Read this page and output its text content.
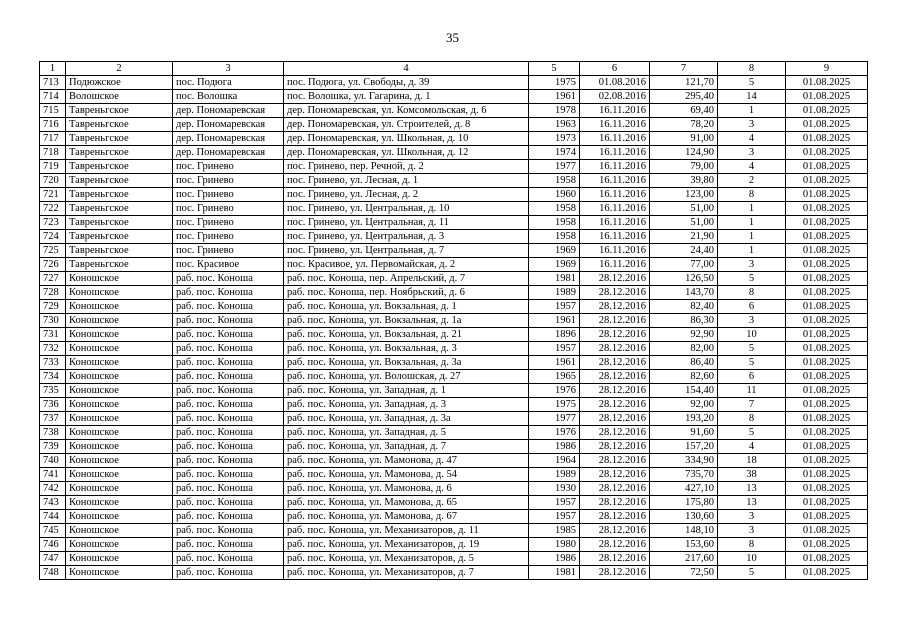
35
1	2	3	4	5	6	7	8	9
713	Подюжское	пос. Подюга	пос. Подюга, ул. Свободы, д. 39	1975	01.08.2016	121,70	5	01.08.2025
714	Волошское	пос. Волошка	пос. Волошка, ул. Гагарина, д. 1	1961	02.08.2016	295,40	14	01.08.2025
715	Тавреньгское	дер. Пономаревская	дер. Пономаревская, ул. Комсомольская, д. 6	1978	16.11.2016	69,40	1	01.08.2025
716	Тавреньгское	дер. Пономаревская	дер. Пономаревская, ул. Строителей, д. 8	1963	16.11.2016	78,20	3	01.08.2025
717	Тавреньгское	дер. Пономаревская	дер. Пономаревская, ул. Школьная, д. 10	1973	16.11.2016	91,00	4	01.08.2025
718	Тавреньгское	дер. Пономаревская	дер. Пономаревская, ул. Школьная, д. 12	1974	16.11.2016	124,90	3	01.08.2025
719	Тавреньгское	пос. Гринево	пос. Гринево, пер. Речной, д. 2	1977	16.11.2016	79,00	4	01.08.2025
720	Тавреньгское	пос. Гринево	пос. Гринево, ул. Лесная, д. 1	1958	16.11.2016	39,80	2	01.08.2025
721	Тавреньгское	пос. Гринево	пос. Гринево, ул. Лесная, д. 2	1960	16.11.2016	123,00	8	01.08.2025
722	Тавреньгское	пос. Гринево	пос. Гринево, ул. Центральная, д. 10	1958	16.11.2016	51,00	1	01.08.2025
723	Тавреньгское	пос. Гринево	пос. Гринево, ул. Центральная, д. 11	1958	16.11.2016	51,00	1	01.08.2025
724	Тавреньгское	пос. Гринево	пос. Гринево, ул. Центральная, д. 3	1958	16.11.2016	21,90	1	01.08.2025
725	Тавреньгское	пос. Гринево	пос. Гринево, ул. Центральная, д. 7	1969	16.11.2016	24,40	1	01.08.2025
726	Тавреньгское	пос. Красивое	пос. Красивое, ул. Первомайская, д. 2	1969	16.11.2016	77,00	3	01.08.2025
727	Коношское	раб. пос. Коноша	раб. пос. Коноша, пер. Апрельский, д. 7	1981	28.12.2016	126,50	5	01.08.2025
728	Коношское	раб. пос. Коноша	раб. пос. Коноша, пер. Ноябрьский, д. 6	1989	28.12.2016	143,70	8	01.08.2025
729	Коношское	раб. пос. Коноша	раб. пос. Коноша, ул. Вокзальная, д. 1	1957	28.12.2016	82,40	6	01.08.2025
730	Коношское	раб. пос. Коноша	раб. пос. Коноша, ул. Вокзальная, д. 1а	1961	28.12.2016	86,30	3	01.08.2025
731	Коношское	раб. пос. Коноша	раб. пос. Коноша, ул. Вокзальная, д. 21	1896	28.12.2016	92,90	10	01.08.2025
732	Коношское	раб. пос. Коноша	раб. пос. Коноша, ул. Вокзальная, д. 3	1957	28.12.2016	82,00	5	01.08.2025
733	Коношское	раб. пос. Коноша	раб. пос. Коноша, ул. Вокзальная, д. 3а	1961	28.12.2016	86,40	5	01.08.2025
734	Коношское	раб. пос. Коноша	раб. пос. Коноша, ул. Волошская, д. 27	1965	28.12.2016	82,60	6	01.08.2025
735	Коношское	раб. пос. Коноша	раб. пос. Коноша, ул. Западная, д. 1	1976	28.12.2016	154,40	11	01.08.2025
736	Коношское	раб. пос. Коноша	раб. пос. Коноша, ул. Западная, д. 3	1975	28.12.2016	92,00	7	01.08.2025
737	Коношское	раб. пос. Коноша	раб. пос. Коноша, ул. Западная, д. 3а	1977	28.12.2016	193,20	8	01.08.2025
738	Коношское	раб. пос. Коноша	раб. пос. Коноша, ул. Западная, д. 5	1976	28.12.2016	91,60	5	01.08.2025
739	Коношское	раб. пос. Коноша	раб. пос. Коноша, ул. Западная, д. 7	1986	28.12.2016	157,20	4	01.08.2025
740	Коношское	раб. пос. Коноша	раб. пос. Коноша, ул. Мамонова, д. 47	1964	28.12.2016	334,90	18	01.08.2025
741	Коношское	раб. пос. Коноша	раб. пос. Коноша, ул. Мамонова, д. 54	1989	28.12.2016	735,70	38	01.08.2025
742	Коношское	раб. пос. Коноша	раб. пос. Коноша, ул. Мамонова, д. 6	1930	28.12.2016	427,10	13	01.08.2025
743	Коношское	раб. пос. Коноша	раб. пос. Коноша, ул. Мамонова, д. 65	1957	28.12.2016	175,80	13	01.08.2025
744	Коношское	раб. пос. Коноша	раб. пос. Коноша, ул. Мамонова, д. 67	1957	28.12.2016	130,60	3	01.08.2025
745	Коношское	раб. пос. Коноша	раб. пос. Коноша, ул. Механизаторов, д. 11	1985	28.12.2016	148,10	3	01.08.2025
746	Коношское	раб. пос. Коноша	раб. пос. Коноша, ул. Механизаторов, д. 19	1980	28.12.2016	153,60	8	01.08.2025
747	Коношское	раб. пос. Коноша	раб. пос. Коноша, ул. Механизаторов, д. 5	1986	28.12.2016	217,60	10	01.08.2025
748	Коношское	раб. пос. Коноша	раб. пос. Коноша, ул. Механизаторов, д. 7	1981	28.12.2016	72,50	5	01.08.2025
